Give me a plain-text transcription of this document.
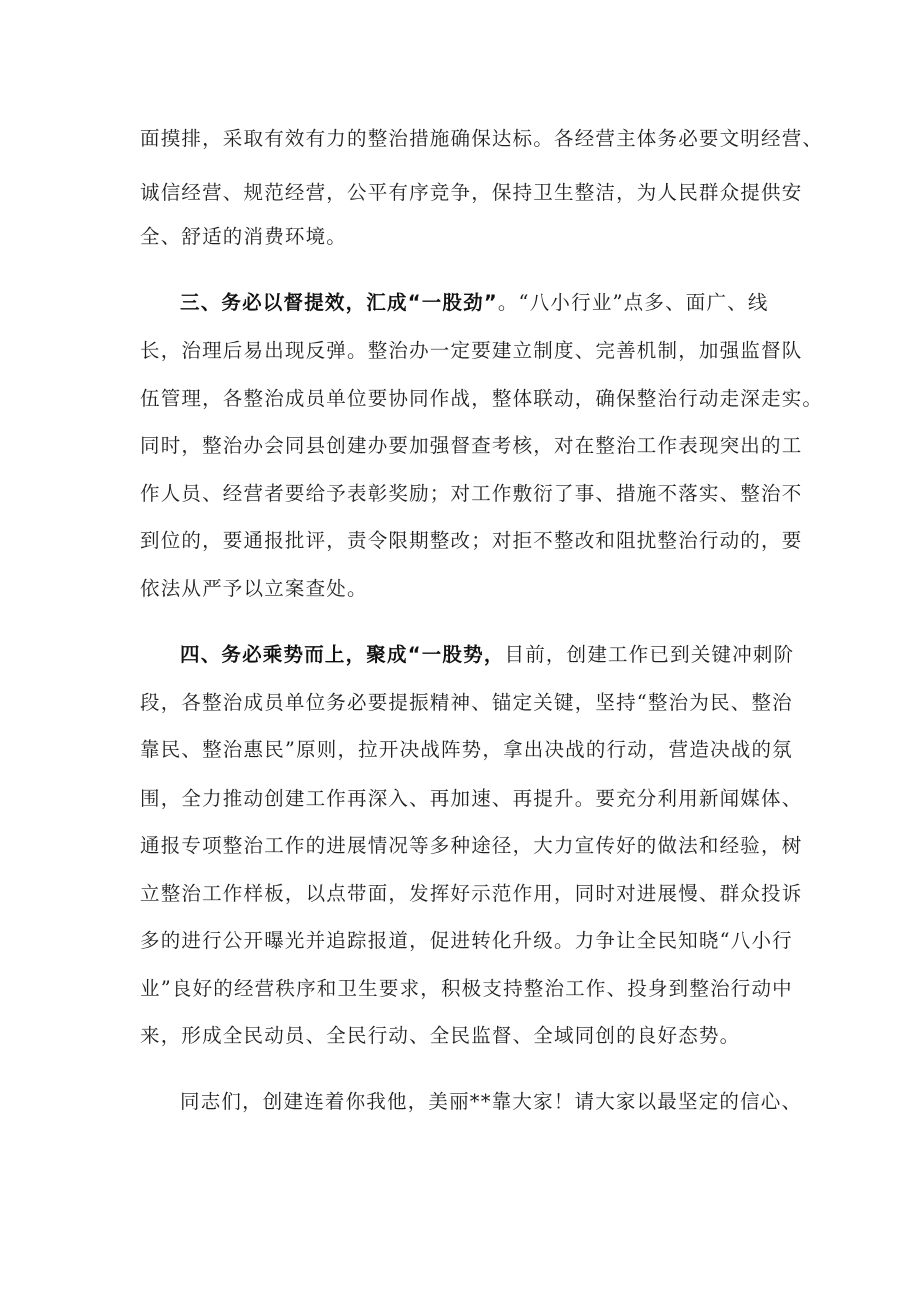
面摸排，采取有效有力的整治措施确保达标。各经营主体务必要文明经营、
诚信经营、规范经营，公平有序竞争，保持卫生整洁，为人民群众提供安
全、舒适的消费环境。
三、务必以督提效，汇成“一股劲”。“八小行业”点多、面广、线
长，治理后易出现反弹。整治办一定要建立制度、完善机制，加强监督队
伍管理，各整治成员单位要协同作战，整体联动，确保整治行动走深走实。
同时，整治办会同县创建办要加强督查考核，对在整治工作表现突出的工
作人员、经营者要给予表彰奖励；对工作敷衍了事、措施不落实、整治不
到位的，要通报批评，责令限期整改；对拒不整改和阻扰整治行动的，要
依法从严予以立案查处。
四、务必乘势而上，聚成“一股势，目前，创建工作已到关键冲刺阶
段，各整治成员单位务必要提振精神、锚定关键，坚持“整治为民、整治
靠民、整治惠民”原则，拉开决战阵势，拿出决战的行动，营造决战的氛
围，全力推动创建工作再深入、再加速、再提升。要充分利用新闻媒体、
通报专项整治工作的进展情况等多种途径，大力宣传好的做法和经验，树
立整治工作样板，以点带面，发挥好示范作用，同时对进展慢、群众投诉
多的进行公开曝光并追踪报道，促进转化升级。力争让全民知晓“八小行
业”良好的经营秩序和卫生要求，积极支持整治工作、投身到整治行动中
来，形成全民动员、全民行动、全民监督、全域同创的良好态势。
同志们，创建连着你我他，美丽**靠大家！请大家以最坚定的信心、
